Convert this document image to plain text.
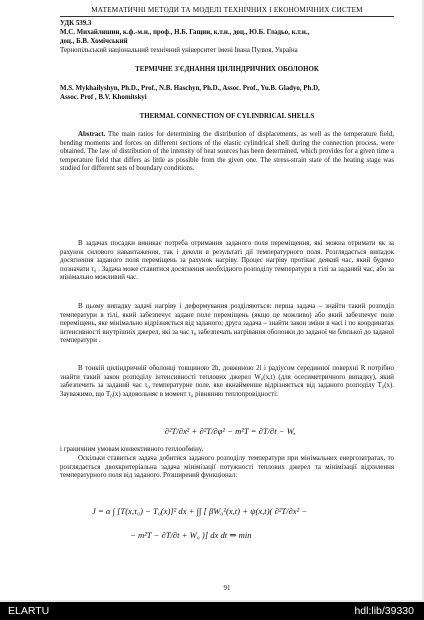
МАТЕМАТИЧНІ МЕТОДИ ТА МОДЕЛІ ТЕХНІЧНИХ І ЕКОНОМІЧНИХ СИСТЕМ
УДК 539.3
М.С. Михайлишин, к.ф.-м.н., проф., Н.Б. Гащин, к.т.н., доц., Ю.Б. Гладьо, к.т.н.,
доц., Б.В. Хомічський
Тернопільський національний технічний університет імені Івана Пулюя, Україна
ТЕРМІЧНЕ З'ЄДНАННЯ ЦИЛІНДРИЧНИХ ОБОЛОНОК
M.S. Mykhailyshyn, Ph.D., Prof., N.B. Haschyn, Ph.D., Assoc. Prof., Yu.B. Gladyo, Ph.D,
Assoc. Prof , B.V. Khomitskyi
THERMAL CONNECTION OF CYLINDRICAL SHELLS

Abstract. The main ratios for determining the distribution of displacements, as well as the temperature field, bending moments and forces on different sections of the elastic cylindrical shell during the connection process, were obtained. The law of distribution of the intensity of heat sources has been determined, which provides for a given time a temperature field that differs as little as possible from the given one. The stress-strain state of the heating stage was studied for different sets of boundary conditions.

В задачах посадки виникає потреба отримання заданого поля переміщення, які можна отримати як за рахунок силового навантаження, так і деколи в результаті дії температурного поля. Розглядається випадок досягнення заданого поля переміщень за рахунок нагріву. Процес нагріву протікає деякий час, який будемо позначати τ₀ . Задача може ставитися досягнення необхідного розподілу температури в тілі за заданий час, або за мінімально можливий час.

В цьому випадку задачі нагріву і деформування розділяються: перша задача – знайти такий розподіл температури в тілі, який забезпечує задане поле переміщень (якщо це можливо) або який забезпечує поле переміщень, яке мінімально відрізняється від заданого; друга задача – знайти закон зміни в часі і по координатах інтенсивності внутрішніх джерел, які за час τ₀ забезпечать нагрівання оболонки до заданої чи близької до заданої температури .

В тонкій циліндричній оболонці товщиною 2h, довжиною 2l і радіусом серединної поверхні R потрібно знайти такий закон розподілу інтенсивності теплових джерел W₀(x,t) (для осесиметричного випадку), який забезпечить за заданий час τ₀ температурне поле, яке якнайменше відрізняється від заданого розподілу T₀(x). Зауважимо, що T₀(x) задовольняє в момент τ₀ рівнянню теплопровідності:

∂²T/∂x² + ∂²T/∂φ² − m²T = ∂T/∂t − W,

і граничним умовам конвективного теплообміну.

Оскільки ставиться задача добитися заданого розподілу температури при мінімальних енергозатратах, то розглядається двохкритеріальна задача мінімізації потужності теплових джерел та мінімізації відхилення температурного поля від заданого. Розширений функціонал:

J = α ∫ [T(x,τ₀) − T₀(x)]² dx + ∫∫ [ βW₀²(x,t) + ψ(x,t)( ∂²T/∂x² −
− m²T − ∂T/∂t + W₀ )] dx dt ⇒ min
91
ELARTU	hdl:lib/39330
